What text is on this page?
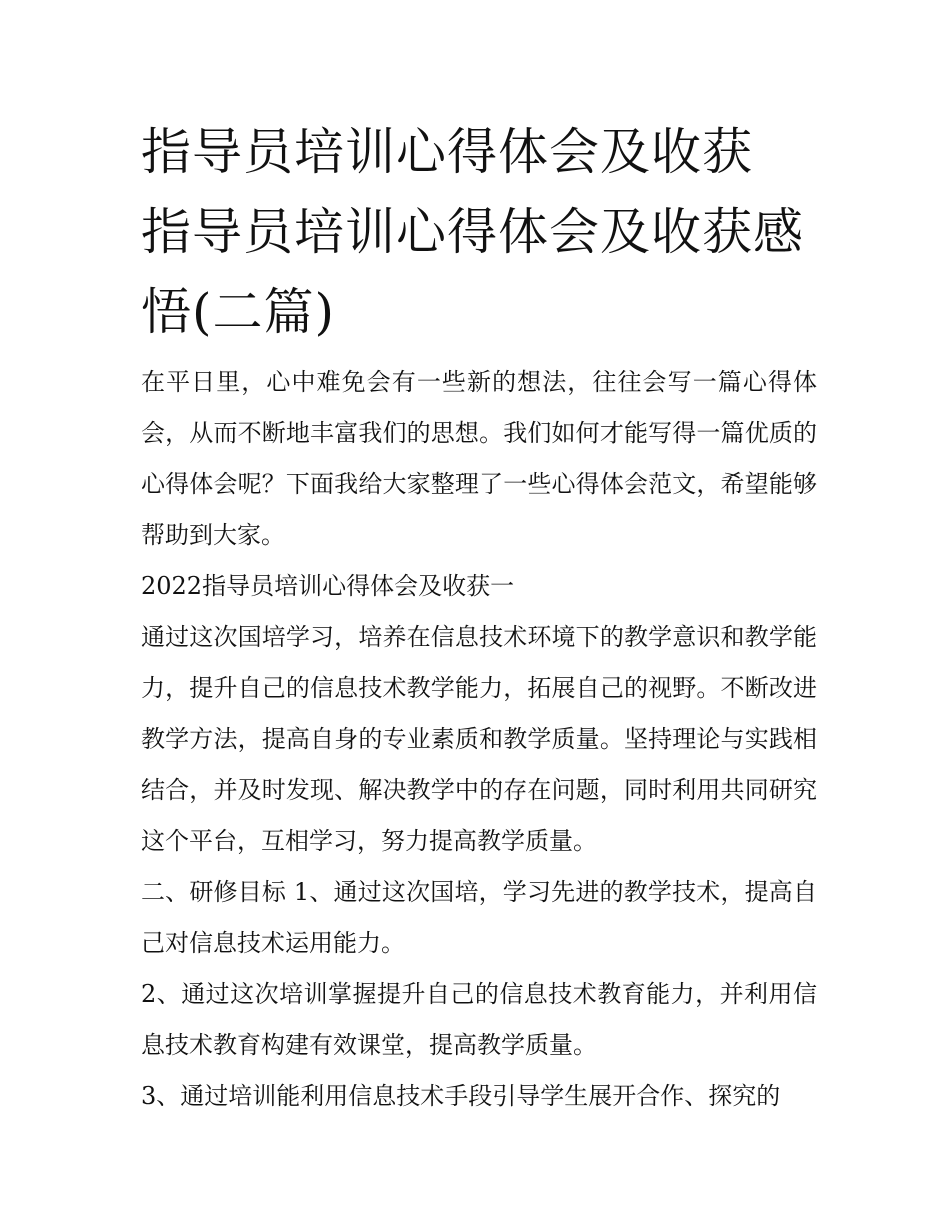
指导员培训心得体会及收获 指导员培训心得体会及收获感悟(二篇)

在平日里，心中难免会有一些新的想法，往往会写一篇心得体会，从而不断地丰富我们的思想。我们如何才能写得一篇优质的心得体会呢？下面我给大家整理了一些心得体会范文，希望能够帮助到大家。

2022指导员培训心得体会及收获一

通过这次国培学习，培养在信息技术环境下的教学意识和教学能力，提升自己的信息技术教学能力，拓展自己的视野。不断改进教学方法，提高自身的专业素质和教学质量。坚持理论与实践相结合，并及时发现、解决教学中的存在问题，同时利用共同研究这个平台，互相学习，努力提高教学质量。

二、研修目标 1、通过这次国培，学习先进的教学技术，提高自己对信息技术运用能力。

2、通过这次培训掌握提升自己的信息技术教育能力，并利用信息技术教育构建有效课堂，提高教学质量。

3、通过培训能利用信息技术手段引导学生展开合作、探究的
